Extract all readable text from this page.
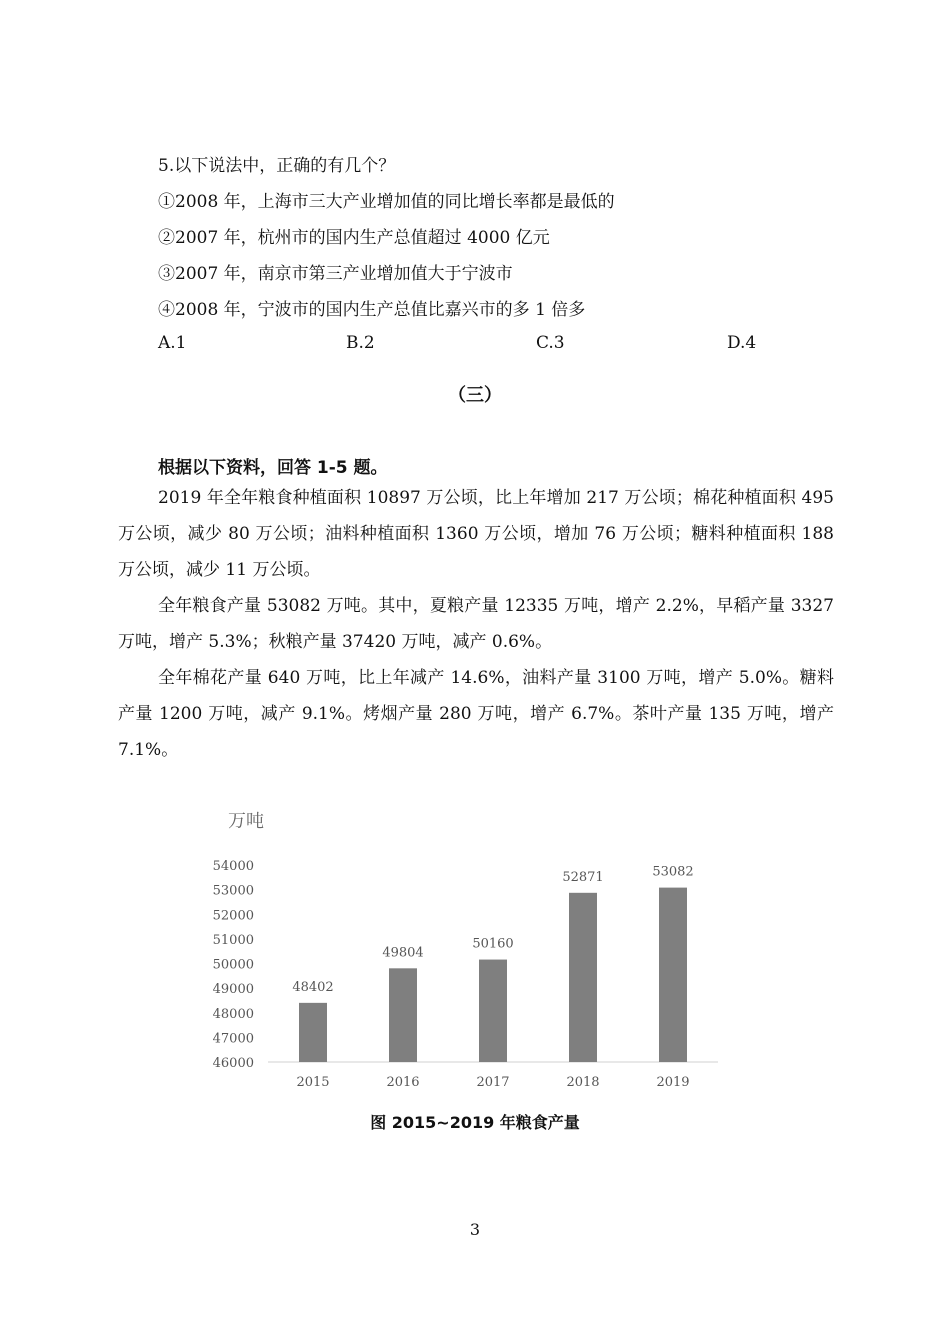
5.以下说法中，正确的有几个？
①2008 年，上海市三大产业增加值的同比增长率都是最低的
②2007 年，杭州市的国内生产总值超过 4000 亿元
③2007 年，南京市第三产业增加值大于宁波市
④2008 年，宁波市的国内生产总值比嘉兴市的多 1 倍多
A.1	B.2	C.3	D.4
（三）
根据以下资料，回答 1-5 题。
2019 年全年粮食种植面积 10897 万公顷，比上年增加 217 万公顷；棉花种植面积 495 万公顷，减少 80 万公顷；油料种植面积 1360 万公顷，增加 76 万公顷；糖料种植面积 188 万公顷，减少 11 万公顷。
全年粮食产量 53082 万吨。其中，夏粮产量 12335 万吨，增产 2.2%，早稻产量 3327 万吨，增产 5.3%；秋粮产量 37420 万吨，减产 0.6%。
全年棉花产量 640 万吨，比上年减产 14.6%，油料产量 3100 万吨，增产 5.0%。糖料产量 1200 万吨，减产 9.1%。烤烟产量 280 万吨，增产 6.7%。茶叶产量 135 万吨，增产 7.1%。
万吨
46000
47000
48000
49000
50000
51000
52000
53000
54000
48402
2015
49804
2016
50160
2017
52871
2018
53082
2019
图 2015~2019 年粮食产量
3
